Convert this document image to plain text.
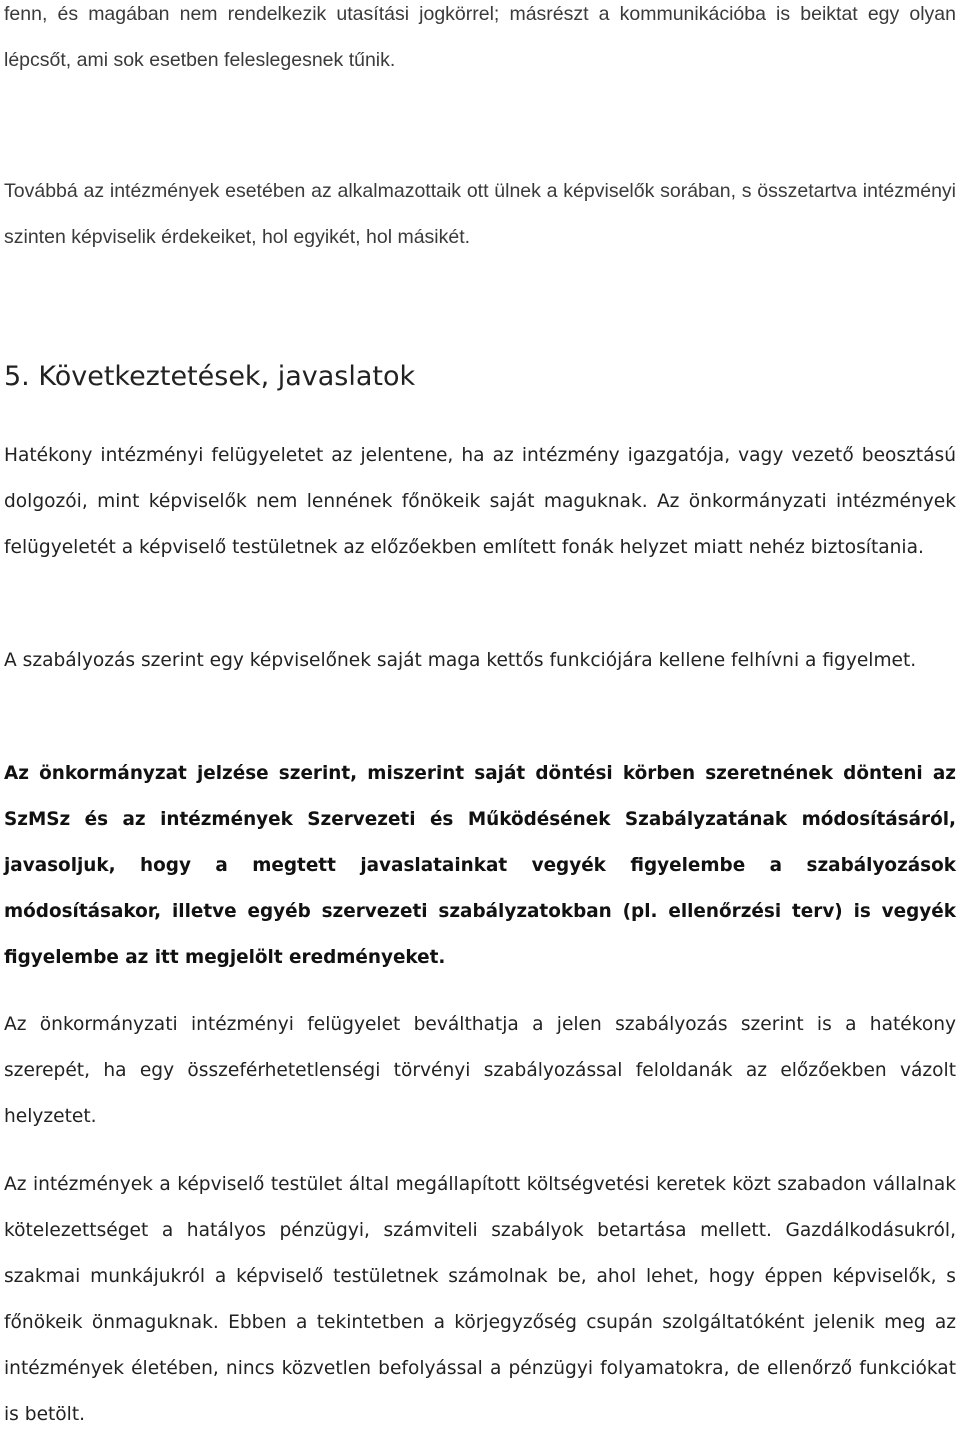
fenn, és magában nem rendelkezik utasítási jogkörrel; másrészt a kommunikációba is beiktat egy olyan lépcsőt, ami sok esetben feleslegesnek tűnik.

Továbbá az intézmények esetében az alkalmazottaik ott ülnek a képviselők sorában, s összetartva intézményi szinten képviselik érdekeiket, hol egyikét, hol másikét.

5. Következtetések, javaslatok

Hatékony intézményi felügyeletet az jelentene, ha az intézmény igazgatója, vagy vezető beosztású dolgozói, mint képviselők nem lennének főnökeik saját maguknak. Az önkormányzati intézmények felügyeletét a képviselő testületnek az előzőekben említett fonák helyzet miatt nehéz biztosítania.

A szabályozás szerint egy képviselőnek saját maga kettős funkciójára kellene felhívni a figyelmet.

Az önkormányzat jelzése szerint, miszerint saját döntési körben szeretnének dönteni az SzMSz és az intézmények Szervezeti és Működésének Szabályzatának módosításáról, javasoljuk, hogy a megtett javaslatainkat vegyék figyelembe a szabályozások módosításakor, illetve egyéb szervezeti szabályzatokban (pl. ellenőrzési terv) is vegyék figyelembe az itt megjelölt eredményeket.

Az önkormányzati intézményi felügyelet beválthatja a jelen szabályozás szerint is a hatékony szerepét, ha egy összeférhetetlenségi törvényi szabályozással feloldanák az előzőekben vázolt helyzetet.

Az intézmények a képviselő testület által megállapított költségvetési keretek közt szabadon vállalnak kötelezettséget a hatályos pénzügyi, számviteli szabályok betartása mellett. Gazdálkodásukról, szakmai munkájukról a képviselő testületnek számolnak be, ahol lehet, hogy éppen képviselők, s főnökeik önmaguknak. Ebben a tekintetben a körjegyzőség csupán szolgáltatóként jelenik meg az intézmények életében, nincs közvetlen befolyással a pénzügyi folyamatokra, de ellenőrző funkciókat is betölt.
